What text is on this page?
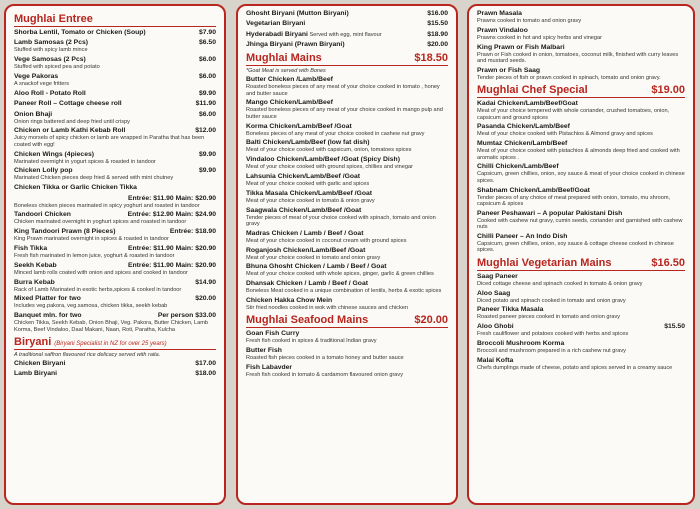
Mughlai Entree
Shorba Lentil, Tomato or Chicken (Soup)	$7.90
Lamb Samosas (2 Pcs)	$6.50
Stuffed with spicy lamb mince
Vege Samosas (2 Pcs)	$6.00
Stuffed with spiced pea and potato
Vege Pakoras	$6.00
A snackof vege fritters
Aloo Roll - Potato Roll	$9.90
Paneer Roll – Cottage cheese roll	$11.90
Onion Bhaji	$6.00
Onion rings battered and deep fried until crispy
Chicken or Lamb Kathi Kebab Roll	$12.00
Juicy morsels of spicy chicken or lamb are wrapped in Paratha that has been coated with egg!
Chicken Wings (4pieces)	$9.90
Marinated overnight in yogurt spices & roasted in tandoor
Chicken Lolly pop	$9.90
Marinated Chicken pieces deep fried & served with mint chutney
Chicken Tikka or Garlic Chicken Tikka
Entrée: $11.90 Main: $20.90
Boneless chicken pieces marinated in spicy yoghurt and roasted in tandoor
Tandoori Chicken	Entrée: $12.90 Main: $24.90
Chicken marinated overnight in yoghurt spices and roasted in tandoor
King Tandoori Prawn (8 Pieces)	Entrée: $18.90
King Prawn marinated overnight in spices & roasted in tandoor
Fish Tikka	Entrée: $11.90 Main: $20.90
Fresh fish marinated in lemon juice, yoghurt & roasted in tandoor
Seekh Kebab	Entrée: $11.90 Main: $20.90
Minced lamb rolls coated with onion and spices and cooked in tandoor
Burra Kebab	$14.90
Rack of Lamb Marinated in exotic herbs,spices & cooked in tandoor
Mixed Platter for two	$20.00
Includes veg.pakora, veg.samosa, chicken tikka, seekh kebab
Banquet mln. for two	Per person $33.00
Chicken Tikka, Seekh Kebab, Onion Bhaji, Veg. Pakora, Butter Chicken, Lamb Korma, Beef Vindaloo, Daal Makani, Naan, Roti, Paratha, Kulcha
Biryani (Biryani Specialist in NZ for over 25 years)
A traditional saffron flavoured rice delicacy served with raita.
Chicken Biryani	$17.00
Lamb Biryani	$18.00
Ghosht Biryani (Mutton Biryani)	$16.00
Vegetarian Biryani	$15.50
Hyderabadi Biryani Served with egg, mint flavour	$18.90
Jhinga Biryani (Prawn Biryani)	$20.00
Mughlai Mains	$18.50
*Goat Meat is served with Bones
Butter Chicken /Lamb/Beef
Roasted boneless pieces of any meat of your choice cooked in tomato , honey and butter sauce
Mango Chicken/Lamb/Beef
Roasted boneless pieces of any meat of your choice cooked in mango pulp and butter sauce
Korma Chicken/Lamb/Beef /Goat
Boneless pieces of any meat of your choice cooked in cashew nut gravy
Balti Chicken/Lamb/Beef (low fat dish)
Meat of your choice cooked with capsicum, onion, tomatoes spices
Vindaloo Chicken/Lamb/Beef /Goat (Spicy Dish)
Meat of your choice cooked with ground spices, chillies and vinegar
Lahsunia Chicken/Lamb/Beef /Goat
Meat of your choice cooked with garlic and spices
Tikka Masala Chicken/Lamb/Beef /Goat
Meat of your choice cooked in tomato & onion gravy
Saagwala Chicken/Lamb/Beef /Goat
Tender pieces of meat of your choice cooked with spinach, tomato and onion gravy
Madras Chicken / Lamb / Beef / Goat
Meat of your choice cooked in coconut cream with ground spices
Roganjosh Chicken/Lamb/Beef /Goat
Meat of your choice cooked in tomato and onion gravy
Bhuna Ghosht Chicken / Lamb / Beef / Goat
Meat of your choice cooked with whole spices, ginger, garlic & green chillies
Dhansak Chicken / Lamb / Beef / Goat
Boneless Meat cooked in a unique combination of lentils, herbs & exotic spices
Chicken Hakka Chow Mein
Stir fried noodles cooked in wok with chinese sauces and chicken
Mughlai Seafood Mains	$20.00
Goan Fish Curry
Fresh fish cooked in spices & traditional Indian gravy
Butter Fish
Roasted fish pieces cooked in a tomato honey and butter sauce
Fish Labavder
Fresh fish cooked in tomato & cardamom flavoured onion gravy
Prawn Masala
Prawns cooked in tomato and onion gravy
Prawn Vindaloo
Prawns cooked in hot and spicy herbs and vinegar
King Prawn or Fish Malbari
Prawn or Fish cooked in onion, tomatoes, coconut milk, finished with curry leaves and mustard seeds.
Prawn or Fish Saag
Tender pieces of fish or prawn cooked in spinach, tomato and onion gravy.
Mughlai Chef Special	$19.00
Kadai Chicken/Lamb/Beef/Goat
Meat of your choice tempered with whole coriander, crushed tomatoes, onion, capsicum and ground spices
Pasanda Chicken/Lamb/Beef
Meat of your choice cooked with Pistachios & Almond gravy and spices
Mumtaz Chicken/Lamb/Beef
Meat of your choice cooked with pistachios & almonds deep fried and cooked with aromatic spices .
Chilli Chicken/Lamb/Beef
Capsicum, green chillies, onion, soy sauce & meat of your choice cooked in chinese spices.
Shabnam Chicken/Lamb/Beef/Goat
Tender pieces of any choice of meat prepared with onion, tomato, mu shroom, capsicum & spices
Paneer Peshawari – A popular Pakistani Dish
Cooked with cashew nut gravy, cumin seeds, coriander and garnished with cashew nuts
Chilli Paneer – An Indo Dish
Capsicum, green chillies, onion, soy sauce & cottage cheese cooked in chinese spices.
Mughlai Vegetarian Mains	$16.50
Saag Paneer
Diced cottage cheese and spinach cooked in tomato & onion gravy
Aloo Saag
Diced potato and spinach cooked in tomato and onion gravy
Paneer Tikka Masala
Roasted paneer pieces cooked in tomato and onion gravy
Aloo Ghobi	$15.50
Fresh cauliflower and potatoes cooked with herbs and spices
Broccoli Mushroom Korma
Broccoli and mushroom prepared in a rich cashew nut gravy
Malai Kofta
Chefs dumplings made of cheese, potato and spices served in a creamy sauce
